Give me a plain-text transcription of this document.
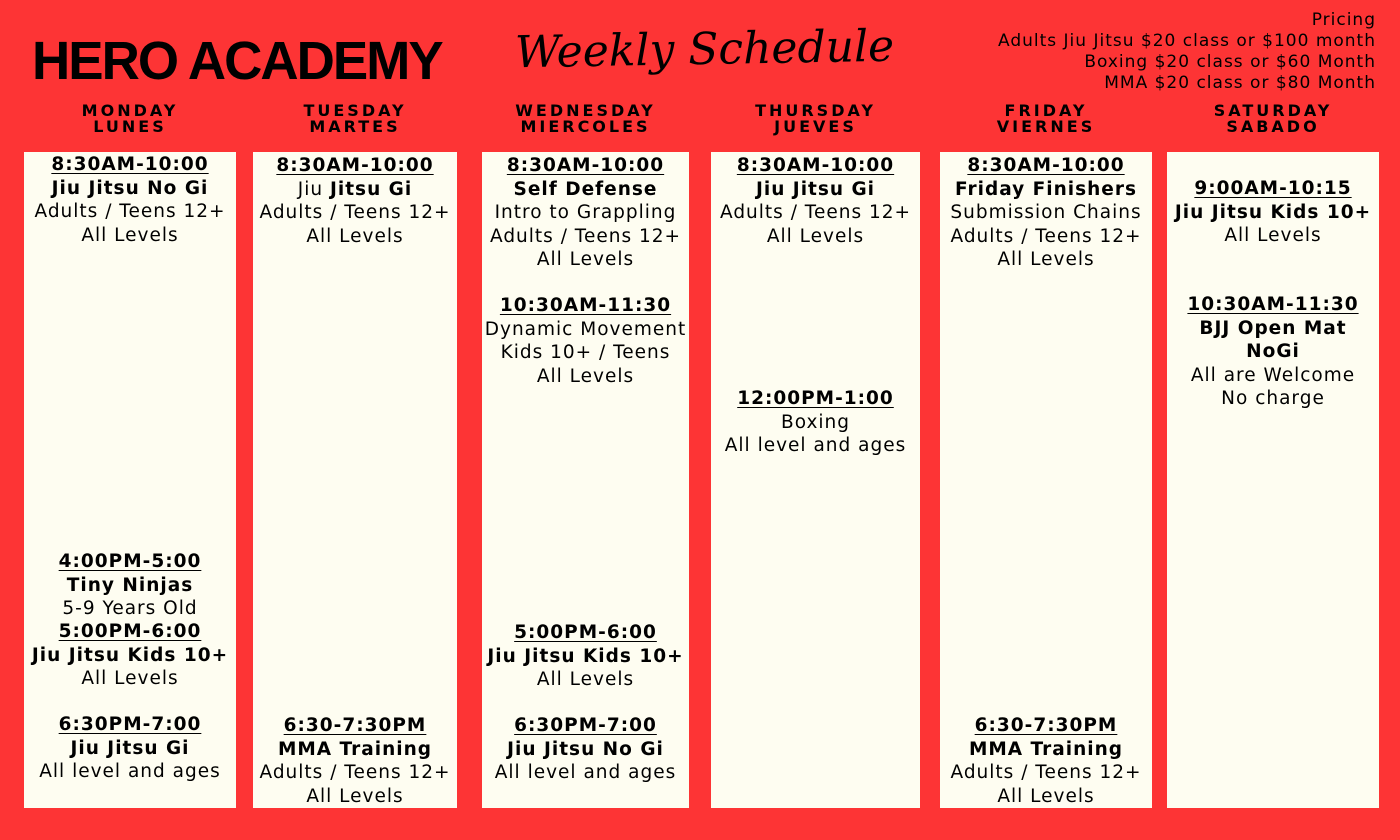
HERO ACADEMY Weekly Schedule
Pricing
Adults Jiu Jitsu $20 class or $100 month
Boxing $20 class or $60 Month
MMA $20 class or $80 Month
MONDAY
LUNES
TUESDAY
MARTES
WEDNESDAY
MIERCOLES
THURSDAY
JUEVES
FRIDAY
VIERNES
SATURDAY
SABADO
8:30AM-10:00
Jiu Jitsu No Gi
Adults / Teens 12+
All Levels
4:00PM-5:00
Tiny Ninjas
5-9 Years Old
5:00PM-6:00
Jiu Jitsu Kids 10+
All Levels
6:30PM-7:00
Jiu Jitsu Gi
All level and ages
8:30AM-10:00
Jiu Jitsu Gi
Adults / Teens 12+
All Levels
6:30-7:30PM
MMA Training
Adults / Teens 12+
All Levels
8:30AM-10:00
Self Defense
Intro to Grappling
Adults / Teens 12+
All Levels
10:30AM-11:30
Dynamic Movement
Kids 10+ / Teens
All Levels
5:00PM-6:00
Jiu Jitsu Kids 10+
All Levels
6:30PM-7:00
Jiu Jitsu No Gi
All level and ages
8:30AM-10:00
Jiu Jitsu Gi
Adults / Teens 12+
All Levels
12:00PM-1:00
Boxing
All level and ages
8:30AM-10:00
Friday Finishers
Submission Chains
Adults / Teens 12+
All Levels
6:30-7:30PM
MMA Training
Adults / Teens 12+
All Levels
9:00AM-10:15
Jiu Jitsu Kids 10+
All Levels
10:30AM-11:30
BJJ Open Mat
NoGi
All are Welcome
No charge
